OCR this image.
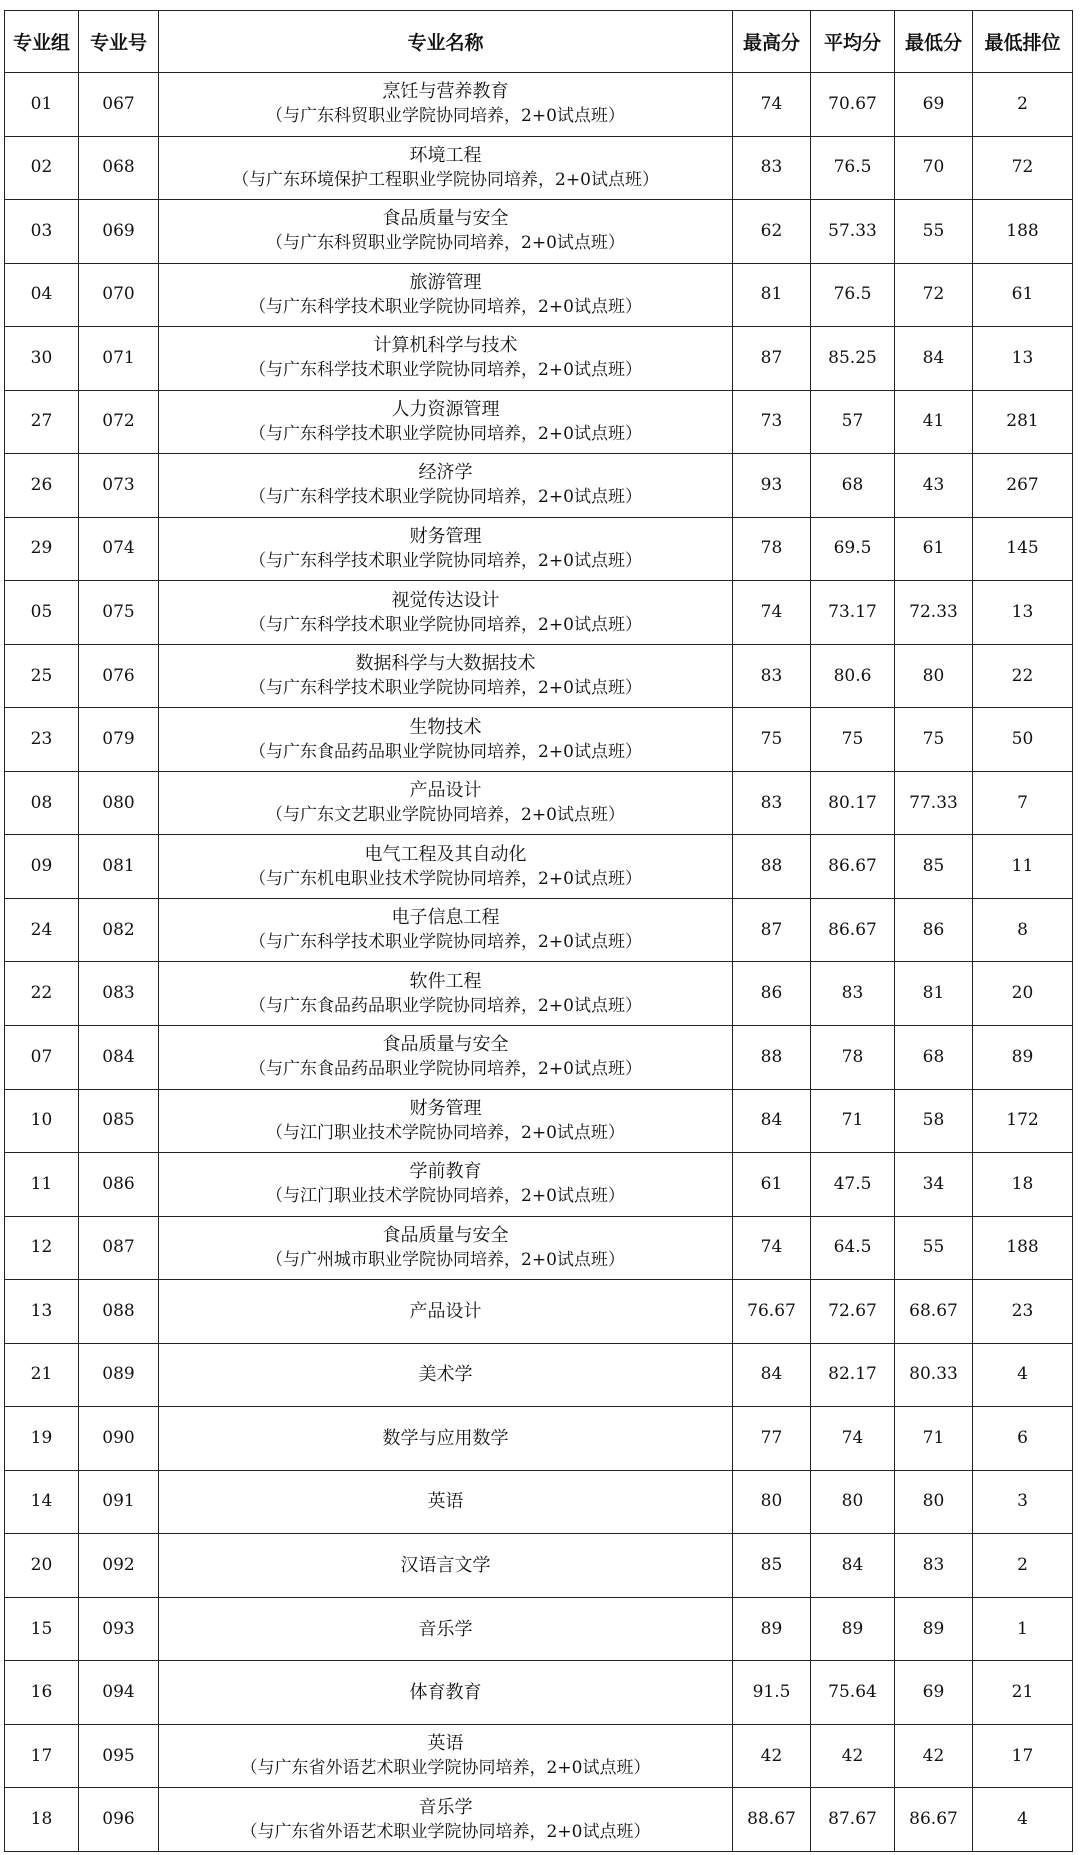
专业组	专业号	专业名称	最高分	平均分	最低分	最低排位
01	067	烹饪与营养教育
（与广东科贸职业学院协同培养，2+0试点班）	74	70.67	69	2
02	068	环境工程
（与广东环境保护工程职业学院协同培养，2+0试点班）	83	76.5	70	72
03	069	食品质量与安全
（与广东科贸职业学院协同培养，2+0试点班）	62	57.33	55	188
04	070	旅游管理
（与广东科学技术职业学院协同培养，2+0试点班）	81	76.5	72	61
30	071	计算机科学与技术
（与广东科学技术职业学院协同培养，2+0试点班）	87	85.25	84	13
27	072	人力资源管理
（与广东科学技术职业学院协同培养，2+0试点班）	73	57	41	281
26	073	经济学
（与广东科学技术职业学院协同培养，2+0试点班）	93	68	43	267
29	074	财务管理
（与广东科学技术职业学院协同培养，2+0试点班）	78	69.5	61	145
05	075	视觉传达设计
（与广东科学技术职业学院协同培养，2+0试点班）	74	73.17	72.33	13
25	076	数据科学与大数据技术
（与广东科学技术职业学院协同培养，2+0试点班）	83	80.6	80	22
23	079	生物技术
（与广东食品药品职业学院协同培养，2+0试点班）	75	75	75	50
08	080	产品设计
（与广东文艺职业学院协同培养，2+0试点班）	83	80.17	77.33	7
09	081	电气工程及其自动化
（与广东机电职业技术学院协同培养，2+0试点班）	88	86.67	85	11
24	082	电子信息工程
（与广东科学技术职业学院协同培养，2+0试点班）	87	86.67	86	8
22	083	软件工程
（与广东食品药品职业学院协同培养，2+0试点班）	86	83	81	20
07	084	食品质量与安全
（与广东食品药品职业学院协同培养，2+0试点班）	88	78	68	89
10	085	财务管理
（与江门职业技术学院协同培养，2+0试点班）	84	71	58	172
11	086	学前教育
（与江门职业技术学院协同培养，2+0试点班）	61	47.5	34	18
12	087	食品质量与安全
（与广州城市职业学院协同培养，2+0试点班）	74	64.5	55	188
13	088	产品设计	76.67	72.67	68.67	23
21	089	美术学	84	82.17	80.33	4
19	090	数学与应用数学	77	74	71	6
14	091	英语	80	80	80	3
20	092	汉语言文学	85	84	83	2
15	093	音乐学	89	89	89	1
16	094	体育教育	91.5	75.64	69	21
17	095	英语
（与广东省外语艺术职业学院协同培养，2+0试点班）	42	42	42	17
18	096	音乐学
（与广东省外语艺术职业学院协同培养，2+0试点班）	88.67	87.67	86.67	4
